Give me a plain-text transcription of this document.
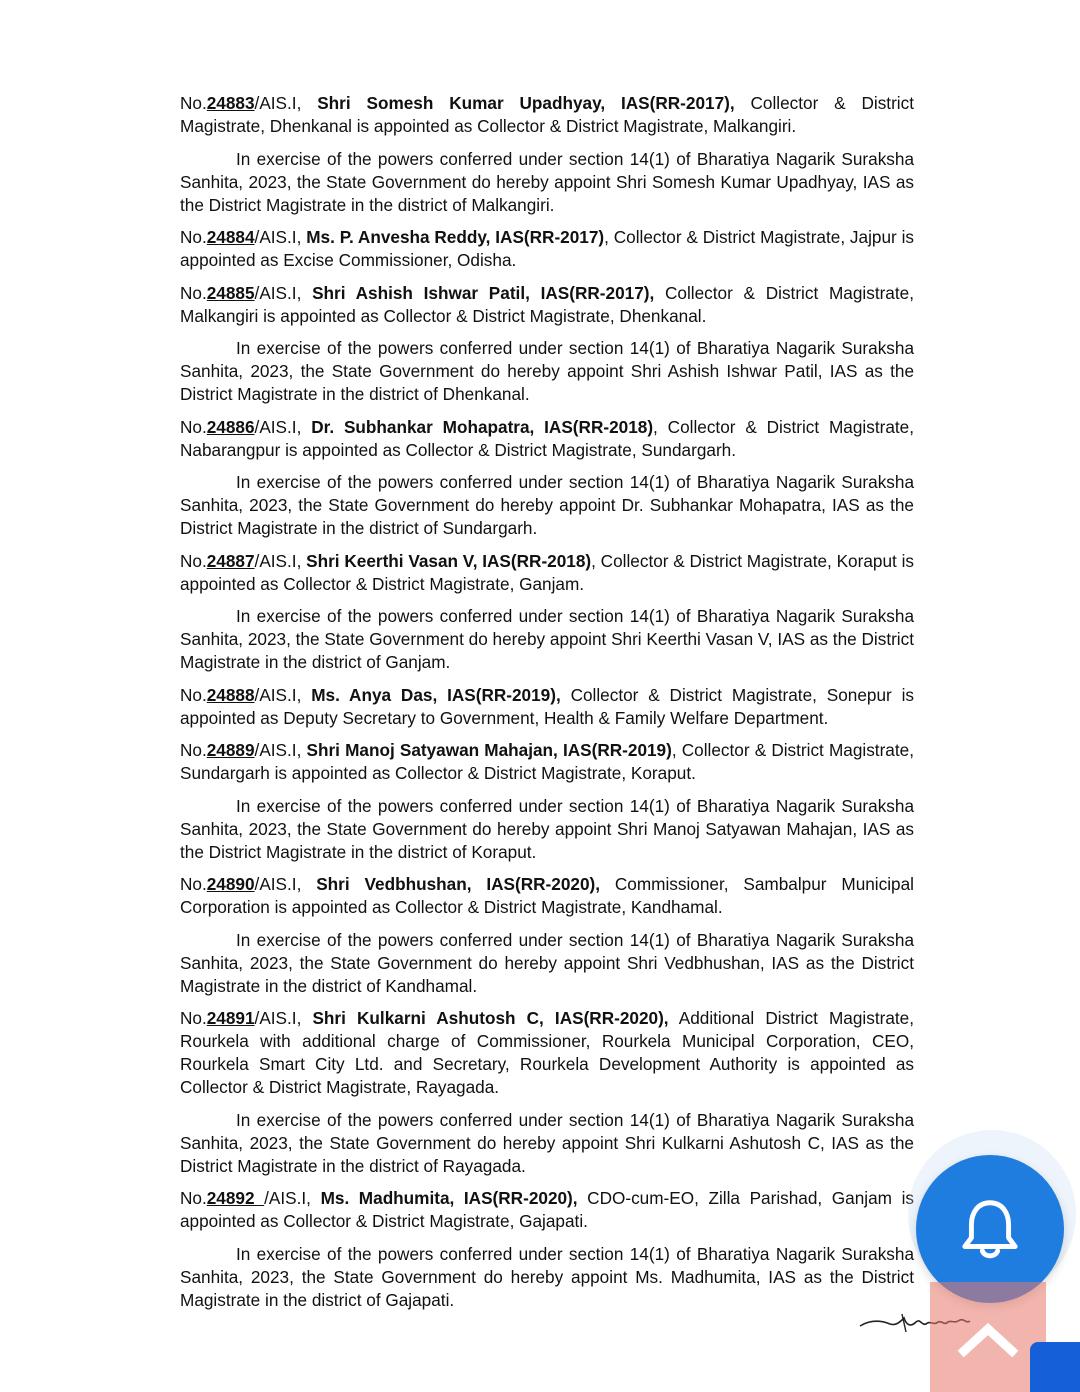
No.24883/AIS.I, Shri Somesh Kumar Upadhyay, IAS(RR-2017), Collector & District Magistrate, Dhenkanal is appointed as Collector & District Magistrate, Malkangiri.

In exercise of the powers conferred under section 14(1) of Bharatiya Nagarik Suraksha Sanhita, 2023, the State Government do hereby appoint Shri Somesh Kumar Upadhyay, IAS as the District Magistrate in the district of Malkangiri.

No.24884/AIS.I, Ms. P. Anvesha Reddy, IAS(RR-2017), Collector & District Magistrate, Jajpur is appointed as Excise Commissioner, Odisha.

No.24885/AIS.I, Shri Ashish Ishwar Patil, IAS(RR-2017), Collector & District Magistrate, Malkangiri is appointed as Collector & District Magistrate, Dhenkanal.

In exercise of the powers conferred under section 14(1) of Bharatiya Nagarik Suraksha Sanhita, 2023, the State Government do hereby appoint Shri Ashish Ishwar Patil, IAS as the District Magistrate in the district of Dhenkanal.

No.24886/AIS.I, Dr. Subhankar Mohapatra, IAS(RR-2018), Collector & District Magistrate, Nabarangpur is appointed as Collector & District Magistrate, Sundargarh.

In exercise of the powers conferred under section 14(1) of Bharatiya Nagarik Suraksha Sanhita, 2023, the State Government do hereby appoint Dr. Subhankar Mohapatra, IAS as the District Magistrate in the district of Sundargarh.

No.24887/AIS.I, Shri Keerthi Vasan V, IAS(RR-2018), Collector & District Magistrate, Koraput is appointed as Collector & District Magistrate, Ganjam.

In exercise of the powers conferred under section 14(1) of Bharatiya Nagarik Suraksha Sanhita, 2023, the State Government do hereby appoint Shri Keerthi Vasan V, IAS as the District Magistrate in the district of Ganjam.

No.24888/AIS.I, Ms. Anya Das, IAS(RR-2019), Collector & District Magistrate, Sonepur is appointed as Deputy Secretary to Government, Health & Family Welfare Department.

No.24889/AIS.I, Shri Manoj Satyawan Mahajan, IAS(RR-2019), Collector & District Magistrate, Sundargarh is appointed as Collector & District Magistrate, Koraput.

In exercise of the powers conferred under section 14(1) of Bharatiya Nagarik Suraksha Sanhita, 2023, the State Government do hereby appoint Shri Manoj Satyawan Mahajan, IAS as the District Magistrate in the district of Koraput.

No.24890/AIS.I, Shri Vedbhushan, IAS(RR-2020), Commissioner, Sambalpur Municipal Corporation is appointed as Collector & District Magistrate, Kandhamal.

In exercise of the powers conferred under section 14(1) of Bharatiya Nagarik Suraksha Sanhita, 2023, the State Government do hereby appoint Shri Vedbhushan, IAS as the District Magistrate in the district of Kandhamal.

No.24891/AIS.I, Shri Kulkarni Ashutosh C, IAS(RR-2020), Additional District Magistrate, Rourkela with additional charge of Commissioner, Rourkela Municipal Corporation, CEO, Rourkela Smart City Ltd. and Secretary, Rourkela Development Authority is appointed as Collector & District Magistrate, Rayagada.

In exercise of the powers conferred under section 14(1) of Bharatiya Nagarik Suraksha Sanhita, 2023, the State Government do hereby appoint Shri Kulkarni Ashutosh C, IAS as the District Magistrate in the district of Rayagada.

No.24892 /AIS.I, Ms. Madhumita, IAS(RR-2020), CDO-cum-EO, Zilla Parishad, Ganjam is appointed as Collector & District Magistrate, Gajapati.

In exercise of the powers conferred under section 14(1) of Bharatiya Nagarik Suraksha Sanhita, 2023, the State Government do hereby appoint Ms. Madhumita, IAS as the District Magistrate in the district of Gajapati.
